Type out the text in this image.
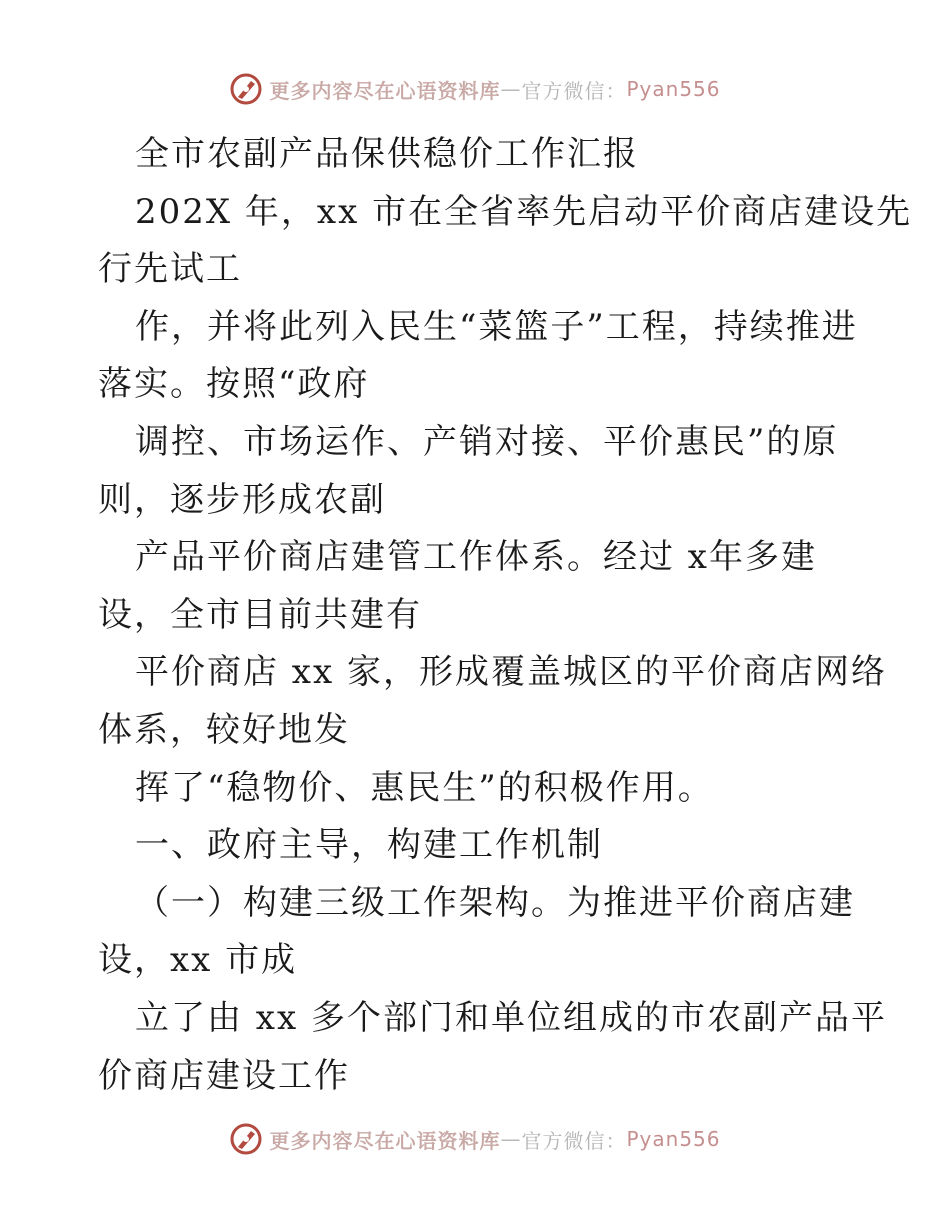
更多内容尽在心语资料库 — 官方微信： Pyan556
全市农副产品保供稳价工作汇报
202X 年，xx 市在全省率先启动平价商店建设先
行先试工
作，并将此列入民生“菜篮子”工程，持续推进
落实。按照“政府
调控、市场运作、产销对接、平价惠民”的原
则，逐步形成农副
产品平价商店建管工作体系。经过 x年多建
设，全市目前共建有
平价商店 xx 家，形成覆盖城区的平价商店网络
体系，较好地发
挥了“稳物价、惠民生”的积极作用。
一、政府主导，构建工作机制
（一）构建三级工作架构。为推进平价商店建
设，xx 市成
立了由 xx 多个部门和单位组成的市农副产品平
价商店建设工作
更多内容尽在心语资料库 — 官方微信： Pyan556
